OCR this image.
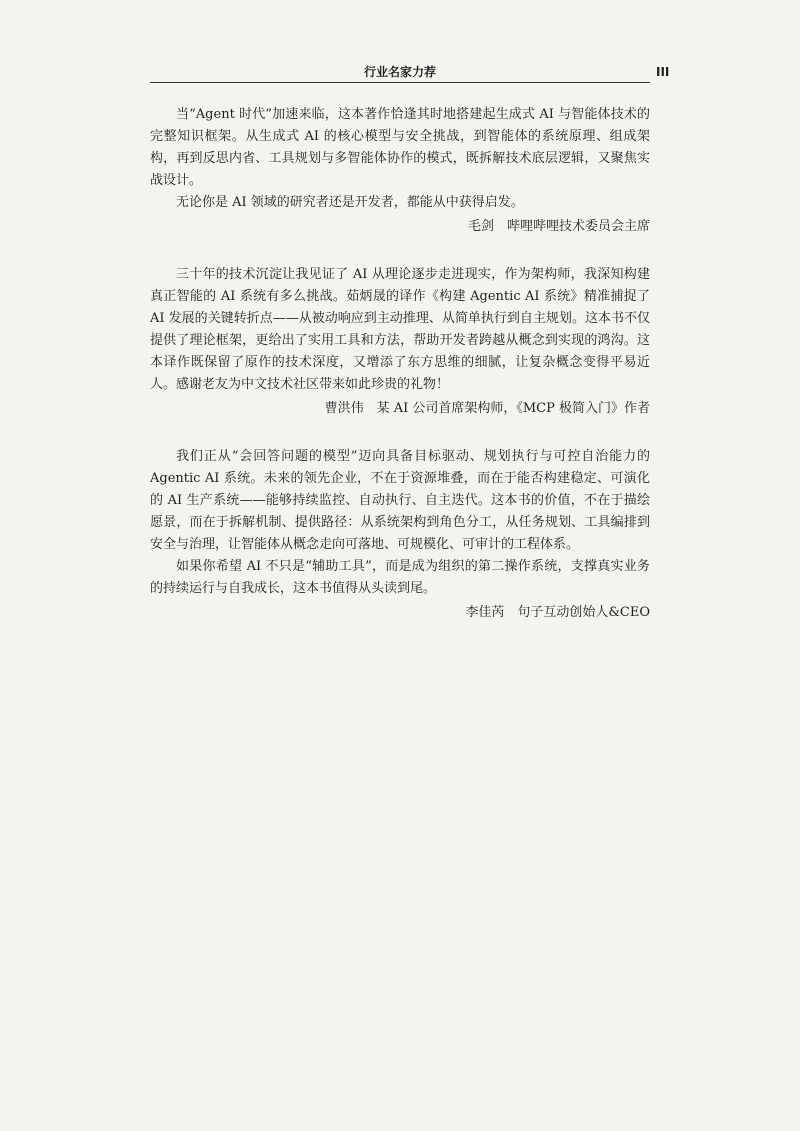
行业名家力荐	III

当“Agent 时代”加速来临，这本著作恰逢其时地搭建起生成式 AI 与智能体技术的完整知识框架。从生成式 AI 的核心模型与安全挑战，到智能体的系统原理、组成架构，再到反思内省、工具规划与多智能体协作的模式，既拆解技术底层逻辑，又聚焦实战设计。

无论你是 AI 领域的研究者还是开发者，都能从中获得启发。

毛剑　哔哩哔哩技术委员会主席

三十年的技术沉淀让我见证了 AI 从理论逐步走进现实，作为架构师，我深知构建真正智能的 AI 系统有多么挑战。茹炳晟的译作《构建 Agentic AI 系统》精准捕捉了 AI 发展的关键转折点——从被动响应到主动推理、从简单执行到自主规划。这本书不仅提供了理论框架，更给出了实用工具和方法，帮助开发者跨越从概念到实现的鸿沟。这本译作既保留了原作的技术深度，又增添了东方思维的细腻，让复杂概念变得平易近人。感谢老友为中文技术社区带来如此珍贵的礼物！

曹洪伟　某 AI 公司首席架构师，《MCP 极简入门》作者

我们正从“会回答问题的模型”迈向具备目标驱动、规划执行与可控自治能力的 Agentic AI 系统。未来的领先企业，不在于资源堆叠，而在于能否构建稳定、可演化的 AI 生产系统——能够持续监控、自动执行、自主迭代。这本书的价值，不在于描绘愿景，而在于拆解机制、提供路径：从系统架构到角色分工，从任务规划、工具编排到安全与治理，让智能体从概念走向可落地、可规模化、可审计的工程体系。

如果你希望 AI 不只是“辅助工具”，而是成为组织的第二操作系统，支撑真实业务的持续运行与自我成长，这本书值得从头读到尾。

李佳芮　句子互动创始人&CEO
